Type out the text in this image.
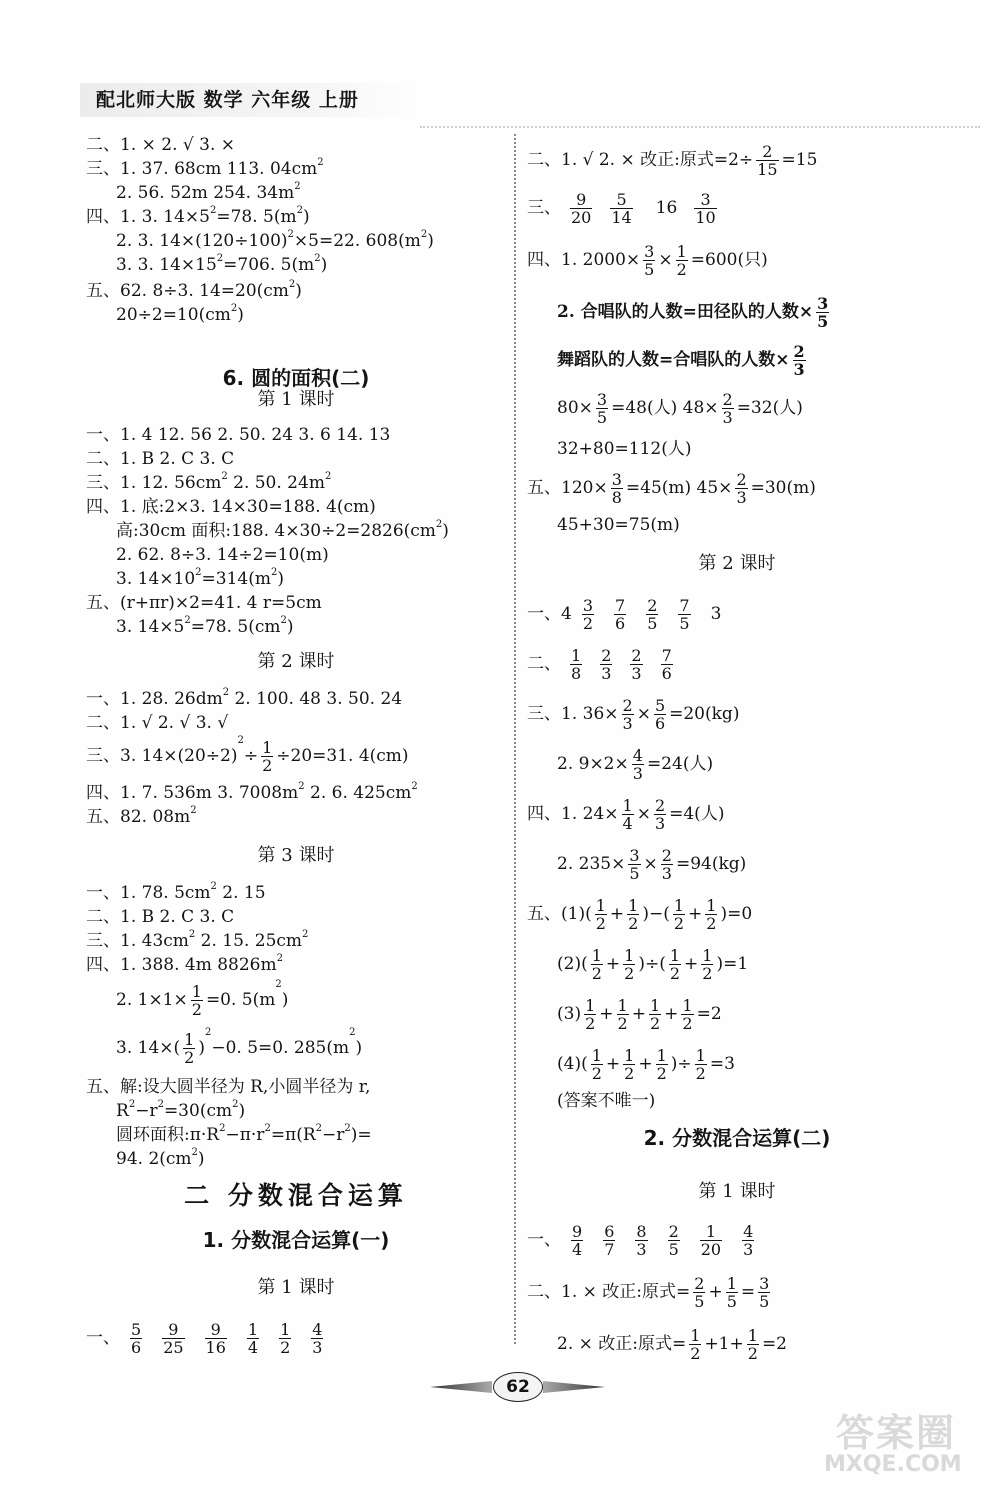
配北师大版 数学 六年级 上册
二、1. × 2. √ 3. ×
三、1. 37. 68cm 113. $04cm^2$
2. 56. 52m 254. $34m^2$
四、1. 3. $14\times 5^2=78$. $5(m^2)$
2. 3. $14\times(120\div 100)^2\times 5=22$. $608(m^2)$
3. 3. $14\times 15^2=706$. $5(m^2)$
五、62. 8÷3. $14=20(cm^2)$
$20\div 2=10(cm^2)$
6. 圆的面积(二)
第 1 课时
一、1. 4 12. 56 2. 50. 24 3. 6 14. 13
二、1. B 2. C 3. C
三、1. 12. $56cm^2$ 2. 50. $24m^2$
四、1. 底:2×3. 14×30=188. 4(cm)
高:30cm 面积:188. $4\times 30\div 2=2826(cm^2)$
2. 62. 8÷3. 14÷2=10(m)
3. $14\times 10^2=314(m^2)$
五、(r+πr)×2=41. 4 r=5cm
3. $14\times 5^2=78$. $5(cm^2)$
第 2 课时
一、1. 28. $26dm^2$ 2. 100. 48 3. 50. 24
二、1. √ 2. √ 3. √
三、3. $14\times(20\div 2)^2\div \frac{1}{2} \div 20=31$. 4(cm)
四、1. 7. 536m 3. $7008m^2$ 2. 6. $425cm^2$
五、82. $08m^2$
第 3 课时
一、1. 78. $5cm^2$ 2. 15
二、1. B 2. C 3. C
三、1. $43cm^2$ 2. 15. $25cm^2$
四、1. 388. 4m $8826m^2$
2. $1\times 1\times \frac{1}{2} =0$. $5(m^2)$
3. $14\times( \frac{1}{2} )^2-0$. 5=0. $285(m^2)$
五、解:设大圆半径为 R,小圆半径为 r,
$R^2-r^2=30(cm^2)$
圆环面积$:\pi\cdot R^2-\pi\cdot r^2=\pi(R^2-r^2)=$
94. $2(cm^2)$
二 分数混合运算
1. 分数混合运算(一)
第 1 课时
一、 $\frac{5}{6} \frac{9}{25} \frac{9}{16} \frac{1}{4} \frac{1}{2} \frac{4}{3}$
二、1. √ 2. × 改正:原式$=2\div \frac{2}{15} =15$
三、 $\frac{9}{20} \frac{5}{14} 16 \frac{3}{10}$
四、1. $2000\times \frac{3}{5} \times \frac{1}{2} =600$(只)
2. 合唱队的人数=田径队的人数× $\frac{3}{5}$
舞蹈队的人数=合唱队的人数× $\frac{2}{3}$
$80\times \frac{3}{5} =48$(人) $48\times \frac{2}{3} =32$(人)
32+80=112(人)
五、$120\times \frac{3}{8} =45(m)$ $45\times \frac{2}{3} =30(m)$
45+30=75(m)
第 2 课时
一、$4 \frac{3}{2} \frac{7}{6} \frac{2}{5} \frac{7}{5} 3$
二、 $\frac{1}{8} \frac{2}{3} \frac{2}{3} \frac{7}{6}$
三、1. $36\times \frac{2}{3} \times \frac{5}{6} =20(kg)$
2. $9\times 2\times \frac{4}{3} =24$(人)
四、1. $24\times \frac{1}{4} \times \frac{2}{3} =4$(人)
2. $235\times \frac{3}{5} \times \frac{2}{3} =94(kg)$
五、$(1)( \frac{1}{2} + \frac{1}{2}$ )−( $\frac{1}{2} + \frac{1}{2} )=0$
$(2)( \frac{1}{2} + \frac{1}{2}$ )÷( $\frac{1}{2} + \frac{1}{2} )=1$
$(3) \frac{1}{2} + \frac{1}{2} + \frac{1}{2} + \frac{1}{2} =2$
$(4)( \frac{1}{2} + \frac{1}{2} + \frac{1}{2}$ )÷ $\frac{1}{2} =3$
(答案不唯一)
2. 分数混合运算(二)
第 1 课时
一、 $\frac{9}{4} \frac{6}{7} \frac{8}{3} \frac{2}{5} \frac{1}{20} \frac{4}{3}$
二、1. × 改正:原式= $\frac{2}{5} + \frac{1}{5} = \frac{3}{5}$
2. × 改正:原式= $\frac{1}{2} +1+ \frac{1}{2} =2$
62
答案圈
MXQE.COM
